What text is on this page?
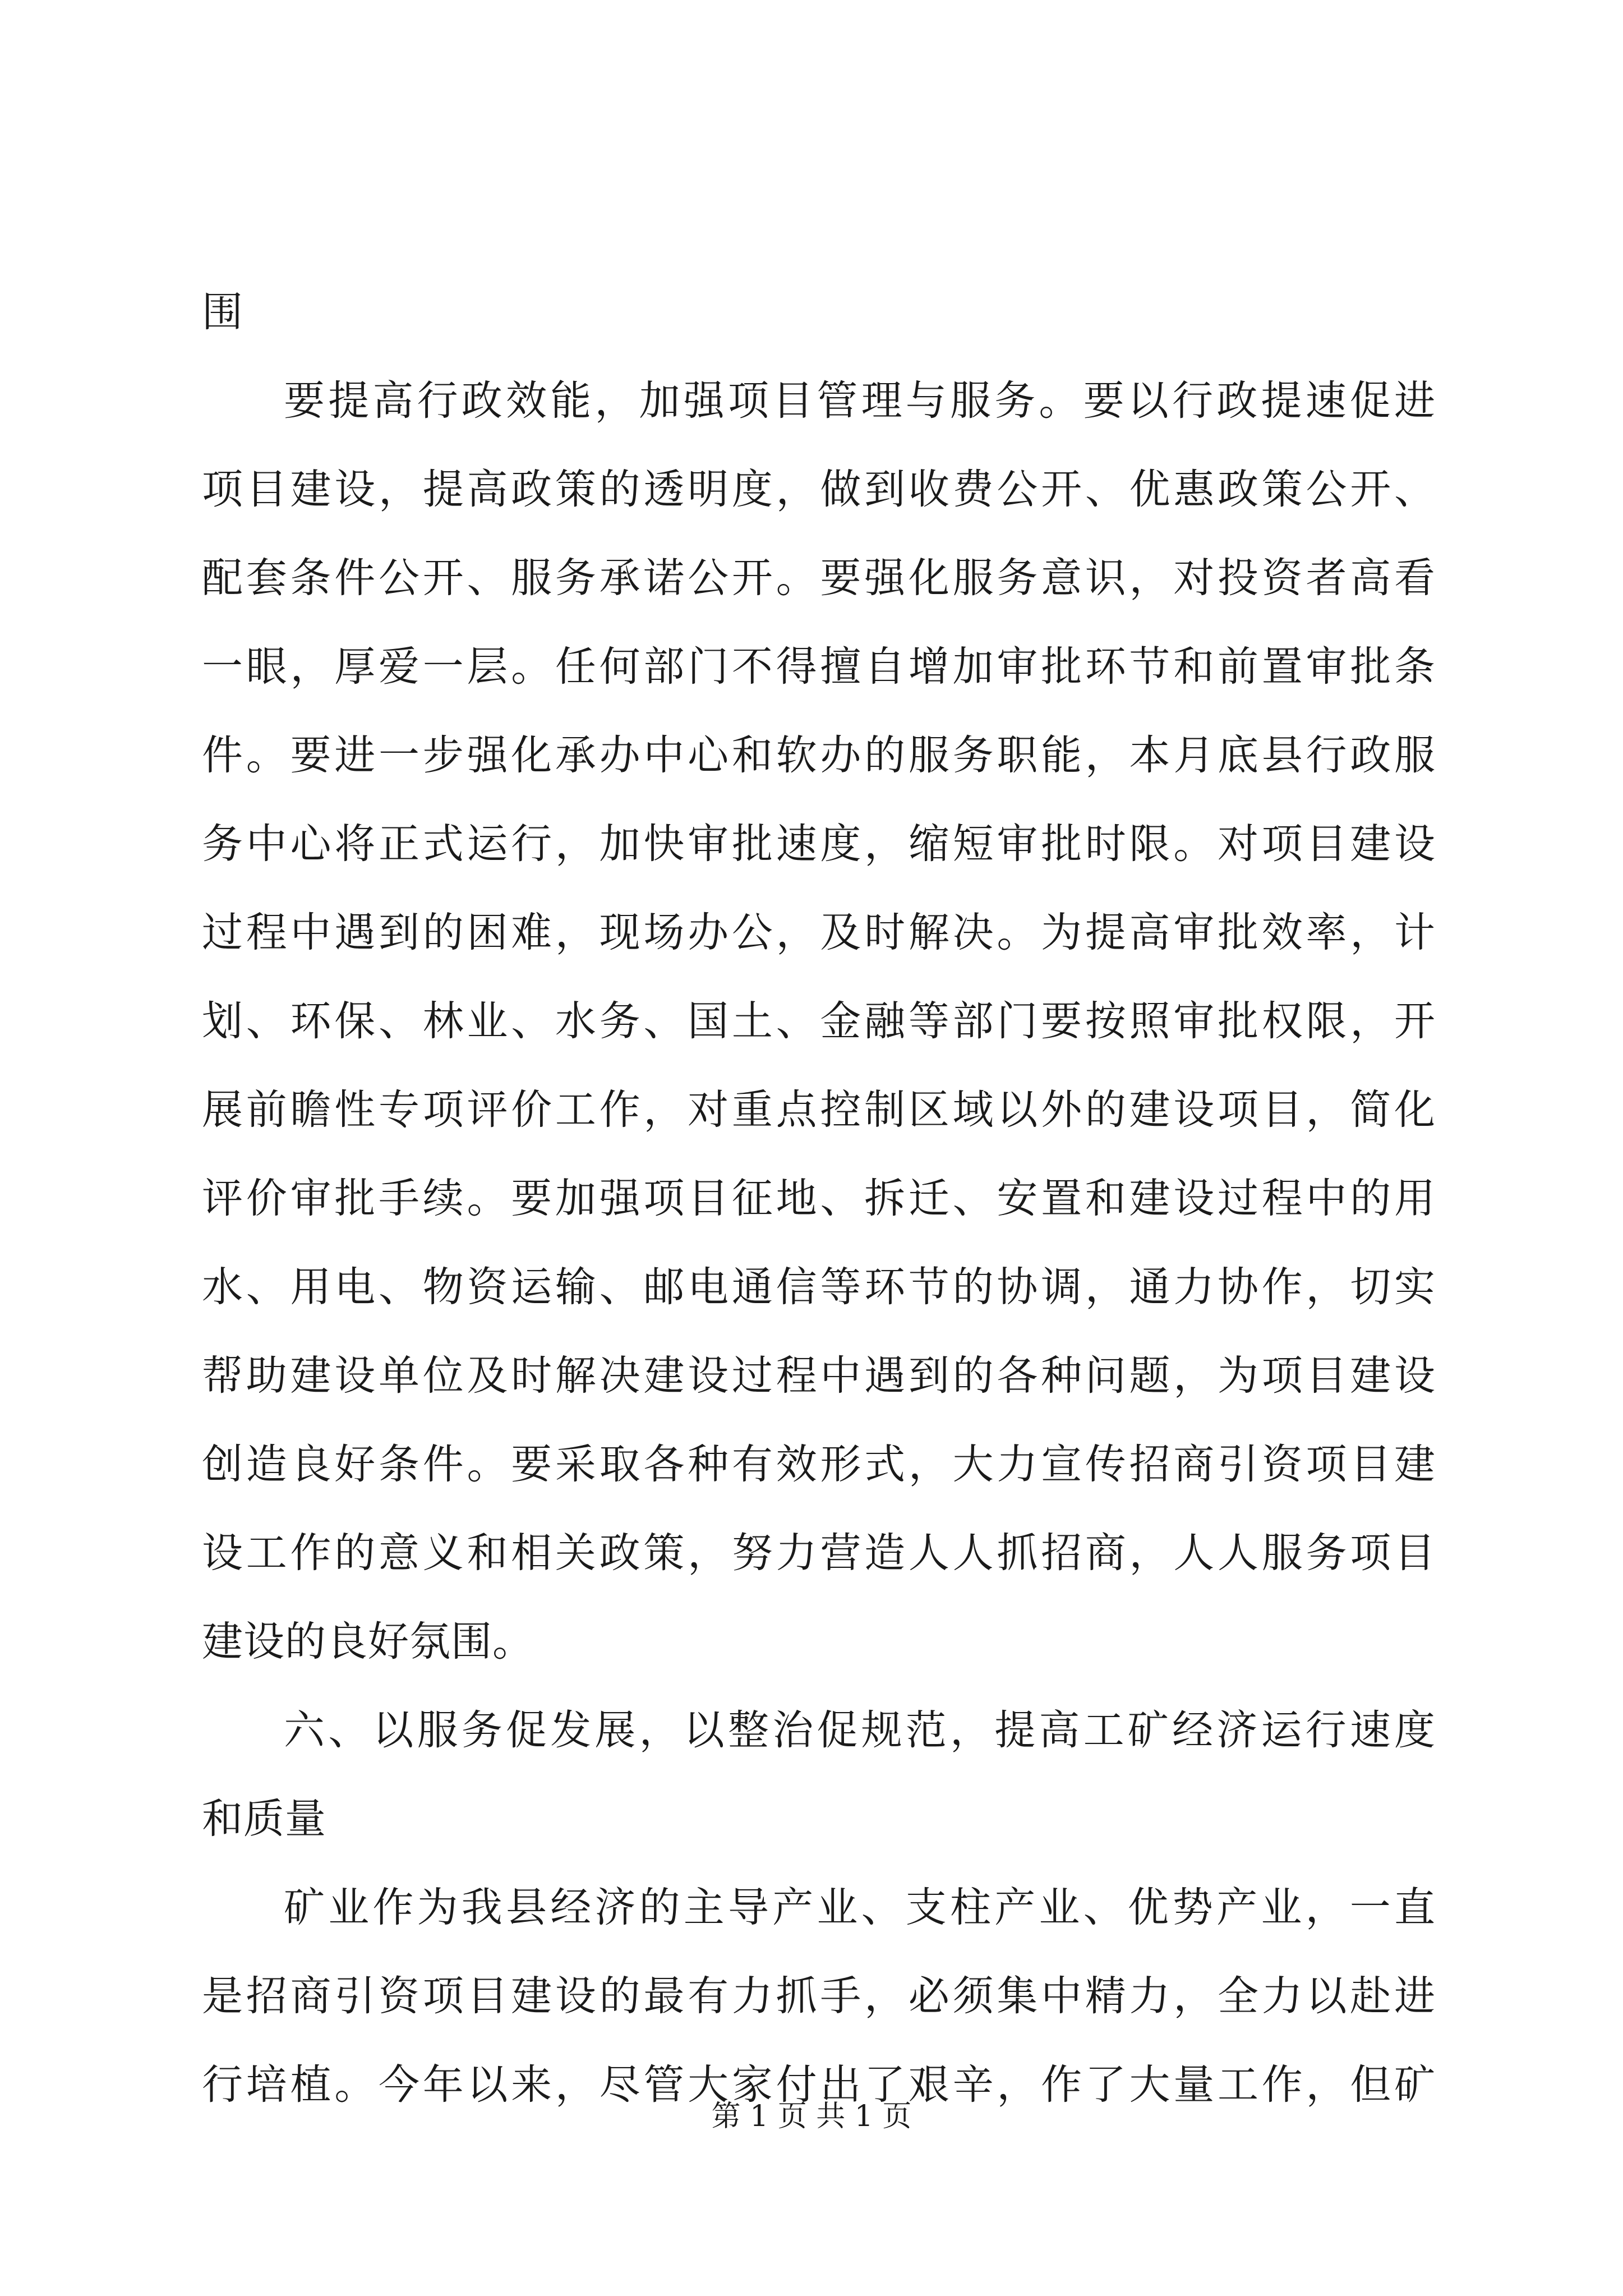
围
要提高行政效能，加强项目管理与服务。要以行政提速促进
项目建设，提高政策的透明度，做到收费公开、优惠政策公开、
配套条件公开、服务承诺公开。要强化服务意识，对投资者高看
一眼，厚爱一层。任何部门不得擅自增加审批环节和前置审批条
件。要进一步强化承办中心和软办的服务职能，本月底县行政服
务中心将正式运行，加快审批速度，缩短审批时限。对项目建设
过程中遇到的困难，现场办公，及时解决。为提高审批效率，计
划、环保、林业、水务、国土、金融等部门要按照审批权限，开
展前瞻性专项评价工作，对重点控制区域以外的建设项目，简化
评价审批手续。要加强项目征地、拆迁、安置和建设过程中的用
水、用电、物资运输、邮电通信等环节的协调，通力协作，切实
帮助建设单位及时解决建设过程中遇到的各种问题，为项目建设
创造良好条件。要采取各种有效形式，大力宣传招商引资项目建
设工作的意义和相关政策，努力营造人人抓招商，人人服务项目
建设的良好氛围。
六、以服务促发展，以整治促规范，提高工矿经济运行速度
和质量
矿业作为我县经济的主导产业、支柱产业、优势产业，一直
是招商引资项目建设的最有力抓手，必须集中精力，全力以赴进
行培植。今年以来，尽管大家付出了艰辛，作了大量工作，但矿
第 1 页 共 1 页
